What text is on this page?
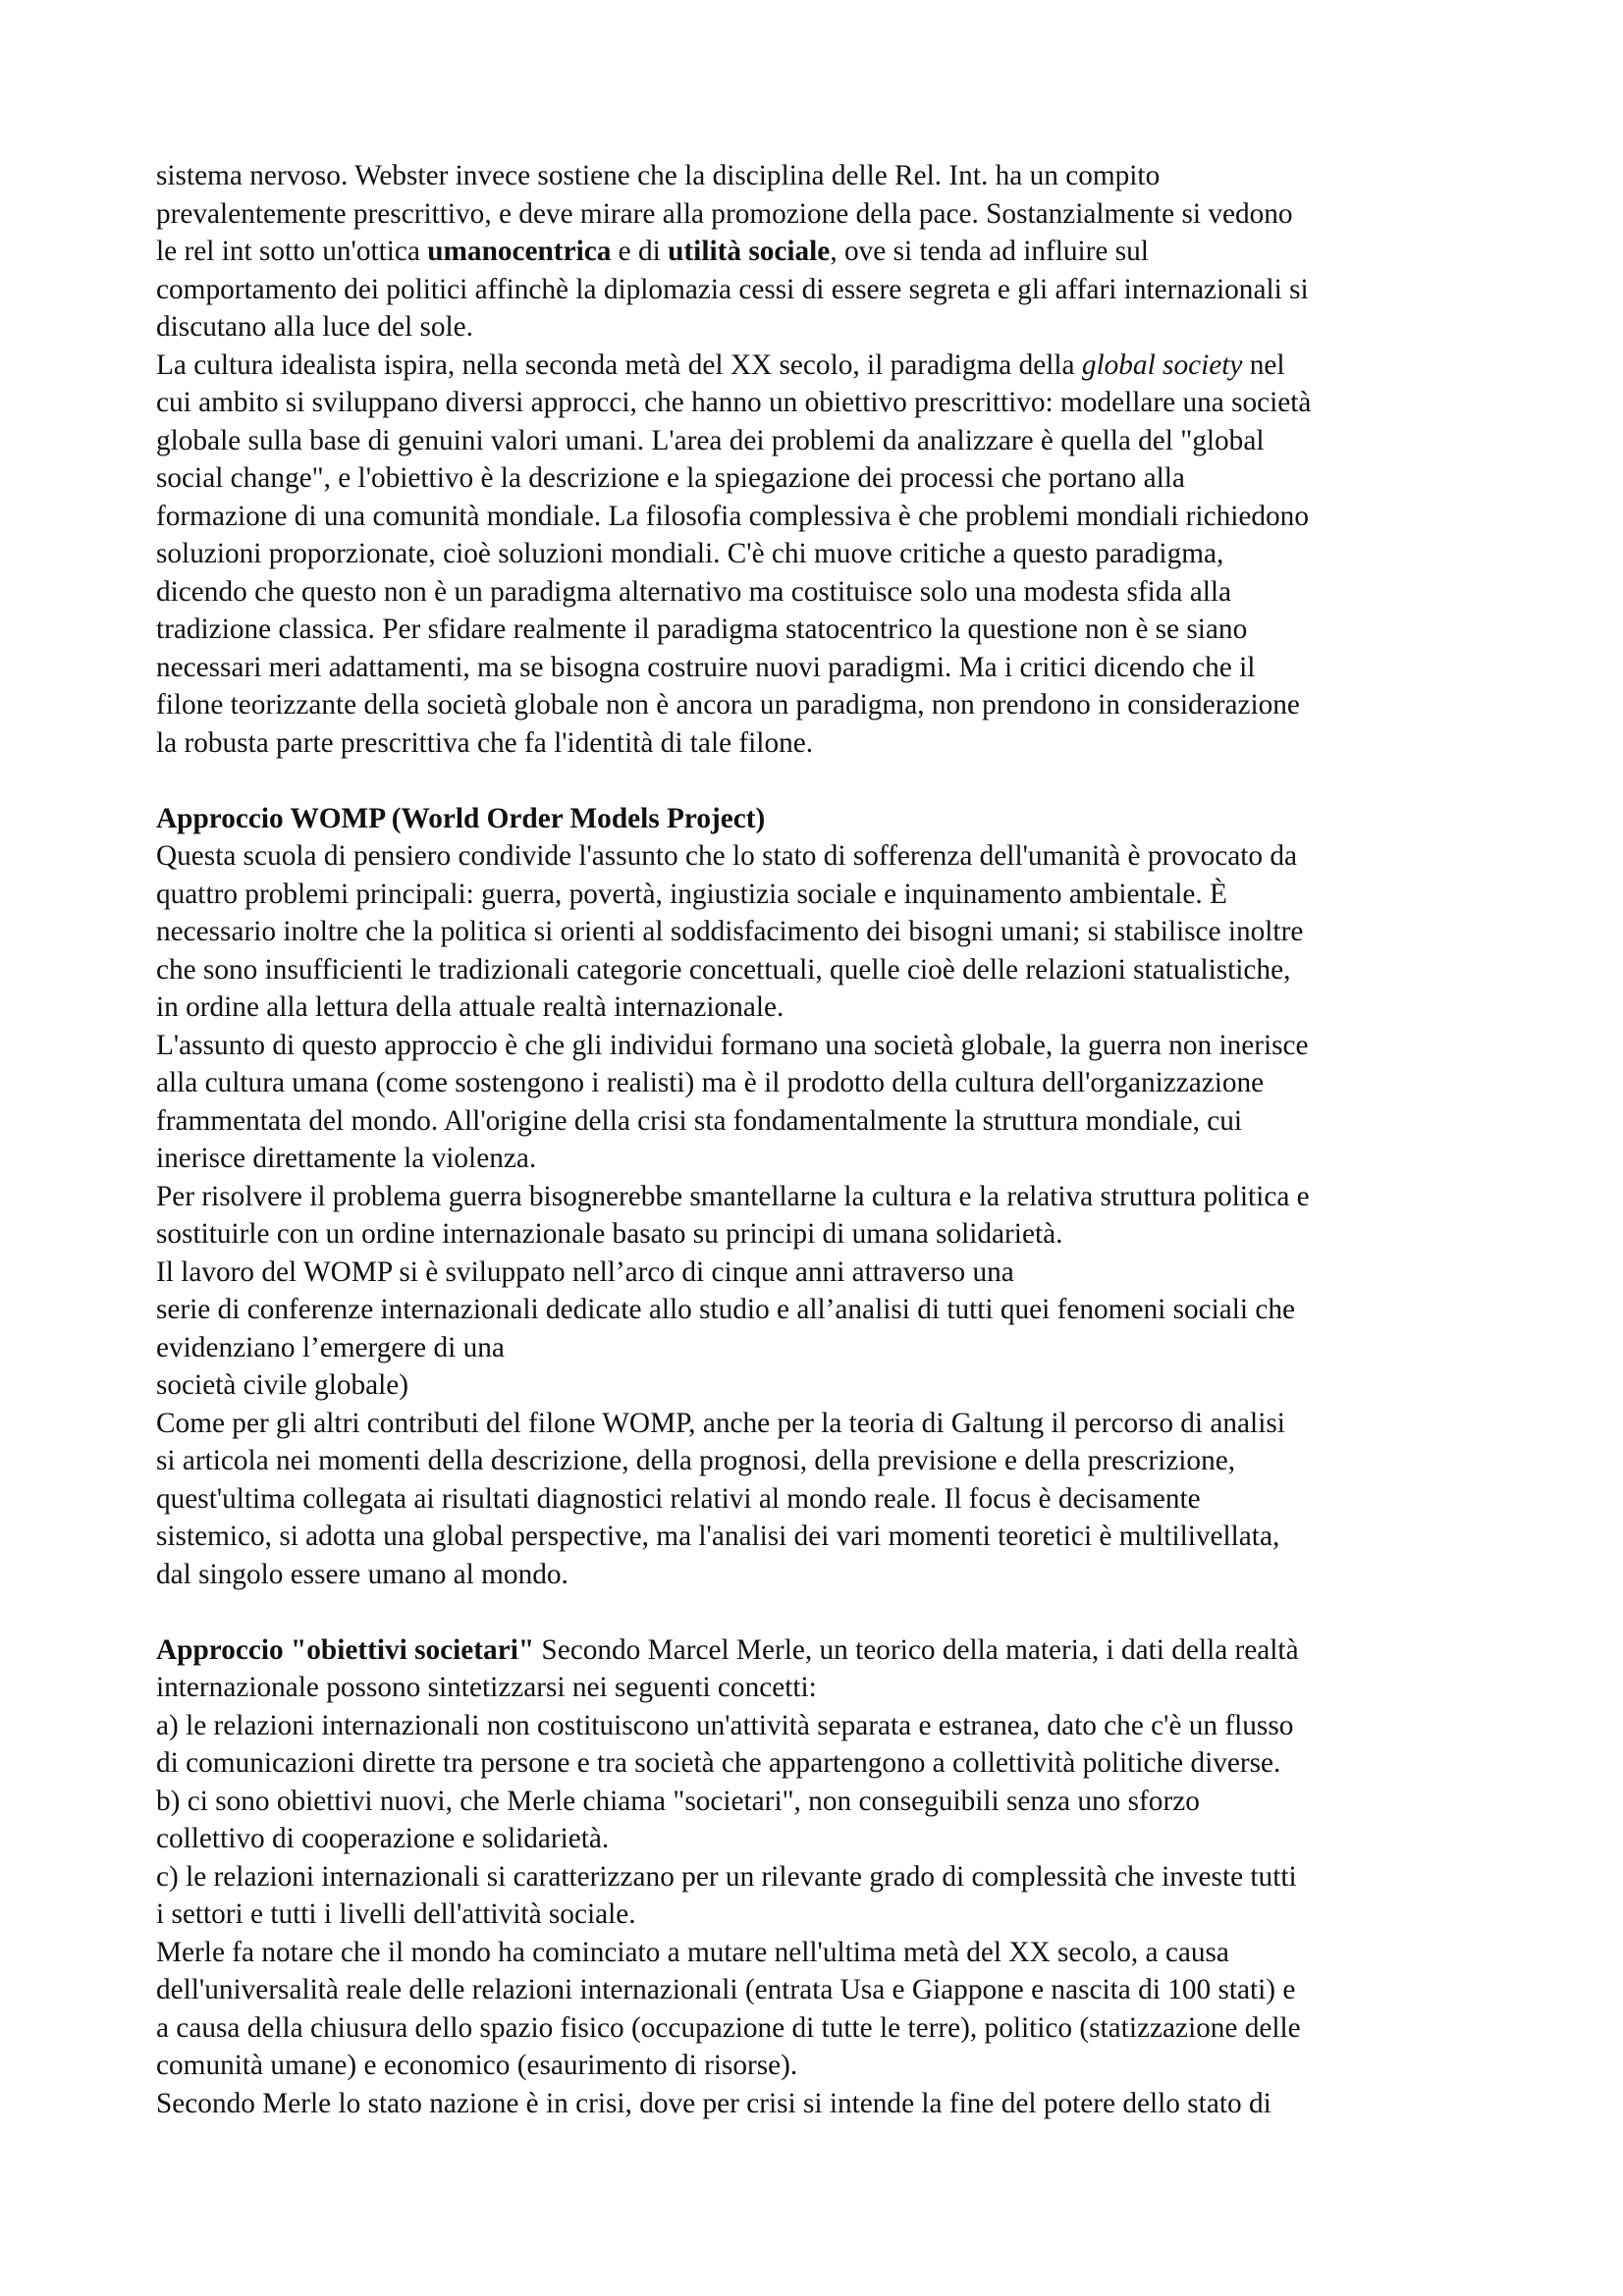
sistema nervoso. Webster invece sostiene che la disciplina delle Rel. Int. ha un compito
prevalentemente prescrittivo, e deve mirare alla promozione della pace. Sostanzialmente si vedono
le rel int sotto un'ottica umanocentrica e di utilità sociale, ove si tenda ad influire sul
comportamento dei politici affinchè la diplomazia cessi di essere segreta e gli affari internazionali si
discutano alla luce del sole.
La cultura idealista ispira, nella seconda metà del XX secolo, il paradigma della global society nel
cui ambito si sviluppano diversi approcci, che hanno un obiettivo prescrittivo: modellare una società
globale sulla base di genuini valori umani. L'area dei problemi da analizzare è quella del "global
social change", e l'obiettivo è la descrizione e la spiegazione dei processi che portano alla
formazione di una comunità mondiale. La filosofia complessiva è che problemi mondiali richiedono
soluzioni proporzionate, cioè soluzioni mondiali. C'è chi muove critiche a questo paradigma,
dicendo che questo non è un paradigma alternativo ma costituisce solo una modesta sfida alla
tradizione classica. Per sfidare realmente il paradigma statocentrico la questione non è se siano
necessari meri adattamenti, ma se bisogna costruire nuovi paradigmi. Ma i critici dicendo che il
filone teorizzante della società globale non è ancora un paradigma, non prendono in considerazione
la robusta parte prescrittiva che fa l'identità di tale filone.
Approccio WOMP (World Order Models Project)
Questa scuola di pensiero condivide l'assunto che lo stato di sofferenza dell'umanità è provocato da
quattro problemi principali: guerra, povertà, ingiustizia sociale e inquinamento ambientale. È
necessario inoltre che la politica si orienti al soddisfacimento dei bisogni umani; si stabilisce inoltre
che sono insufficienti le tradizionali categorie concettuali, quelle cioè delle relazioni statualistiche,
in ordine alla lettura della attuale realtà internazionale.
L'assunto di questo approccio è che gli individui formano una società globale, la guerra non inerisce
alla cultura umana (come sostengono i realisti) ma è il prodotto della cultura dell'organizzazione
frammentata del mondo. All'origine della crisi sta fondamentalmente la struttura mondiale, cui
inerisce direttamente la violenza.
Per risolvere il problema guerra bisognerebbe smantellarne la cultura e la relativa struttura politica e
sostituirle con un ordine internazionale basato su principi di umana solidarietà.
Il lavoro del WOMP si è sviluppato nell’arco di cinque anni attraverso una
serie di conferenze internazionali dedicate allo studio e all’analisi di tutti quei fenomeni sociali che
evidenziano l’emergere di una
società civile globale)
Come per gli altri contributi del filone WOMP, anche per la teoria di Galtung il percorso di analisi
si articola nei momenti della descrizione, della prognosi, della previsione e della prescrizione,
quest'ultima collegata ai risultati diagnostici relativi al mondo reale. Il focus è decisamente
sistemico, si adotta una global perspective, ma l'analisi dei vari momenti teoretici è multilivellata,
dal singolo essere umano al mondo.
Approccio "obiettivi societari" Secondo Marcel Merle, un teorico della materia, i dati della realtà
internazionale possono sintetizzarsi nei seguenti concetti:
a) le relazioni internazionali non costituiscono un'attività separata e estranea, dato che c'è un flusso
di comunicazioni dirette tra persone e tra società che appartengono a collettività politiche diverse.
b) ci sono obiettivi nuovi, che Merle chiama "societari", non conseguibili senza uno sforzo
collettivo di cooperazione e solidarietà.
c) le relazioni internazionali si caratterizzano per un rilevante grado di complessità che investe tutti
i settori e tutti i livelli dell'attività sociale.
Merle fa notare che il mondo ha cominciato a mutare nell'ultima metà del XX secolo, a causa
dell'universalità reale delle relazioni internazionali (entrata Usa e Giappone e nascita di 100 stati) e
a causa della chiusura dello spazio fisico (occupazione di tutte le terre), politico (statizzazione delle
comunità umane) e economico (esaurimento di risorse).
Secondo Merle lo stato nazione è in crisi, dove per crisi si intende la fine del potere dello stato di
